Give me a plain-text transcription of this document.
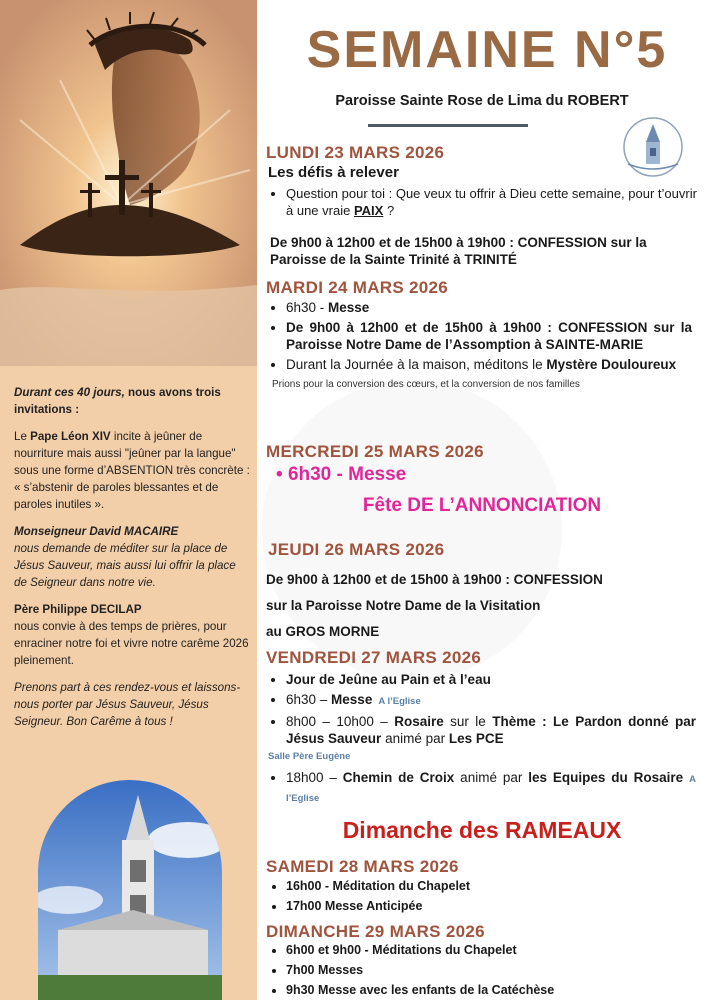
Durant ces 40 jours, nous avons trois invitations :

Le Pape Léon XIV incite à jeûner de nourriture mais aussi "jeûner par la langue" sous une forme d’ABSENTION très concrète : « s’abstenir de paroles blessantes et de paroles inutiles ».

Monseigneur David MACAIRE
nous demande de méditer sur la place de Jésus Sauveur, mais aussi lui offrir la place de Seigneur dans notre vie.

Père Philippe DECILAP
nous convie à des temps de prières, pour enraciner notre foi et vivre notre carême 2026 pleinement.

Prenons part à ces rendez-vous et laissons-nous porter par Jésus Sauveur, Jésus Seigneur. Bon Carême à tous !

SEMAINE N°5
Paroisse Sainte Rose de Lima du ROBERT
LUNDI 23 MARS 2026
Les défis à relever
• Question pour toi : Que veux tu offrir à Dieu cette semaine, pour t’ouvrir à une vraie PAIX ?
De 9h00 à 12h00 et de 15h00 à 19h00 : CONFESSION sur la Paroisse de la Sainte Trinité à TRINITÉ
MARDI 24 MARS 2026
• 6h30 - Messe
• De 9h00 à 12h00 et de 15h00 à 19h00 : CONFESSION sur la Paroisse Notre Dame de l’Assomption à SAINTE-MARIE
• Durant la Journée à la maison, méditons le Mystère Douloureux
Prions pour la conversion des cœurs, et la conversion de nos familles
MERCREDI 25 MARS 2026
• 6h30 - Messe
Fête DE L’ANNONCIATION
JEUDI 26 MARS 2026
De 9h00 à 12h00 et de 15h00 à 19h00 : CONFESSION
sur la Paroisse Notre Dame de la Visitation
au GROS MORNE
VENDREDI 27 MARS 2026
• Jour de Jeûne au Pain et à l’eau
• 6h30 – Messe A l’Eglise
• 8h00 – 10h00 – Rosaire sur le Thème : Le Pardon donné par Jésus Sauveur animé par Les PCE
Salle Père Eugène
• 18h00 – Chemin de Croix animé par les Equipes du Rosaire A l’Eglise
Dimanche des RAMEAUX
SAMEDI 28 MARS 2026
• 16h00 - Méditation du Chapelet
• 17h00 Messe Anticipée
DIMANCHE 29 MARS 2026
• 6h00 et 9h00 - Méditations du Chapelet
• 7h00 Messes
• 9h30 Messe avec les enfants de la Catéchèse
